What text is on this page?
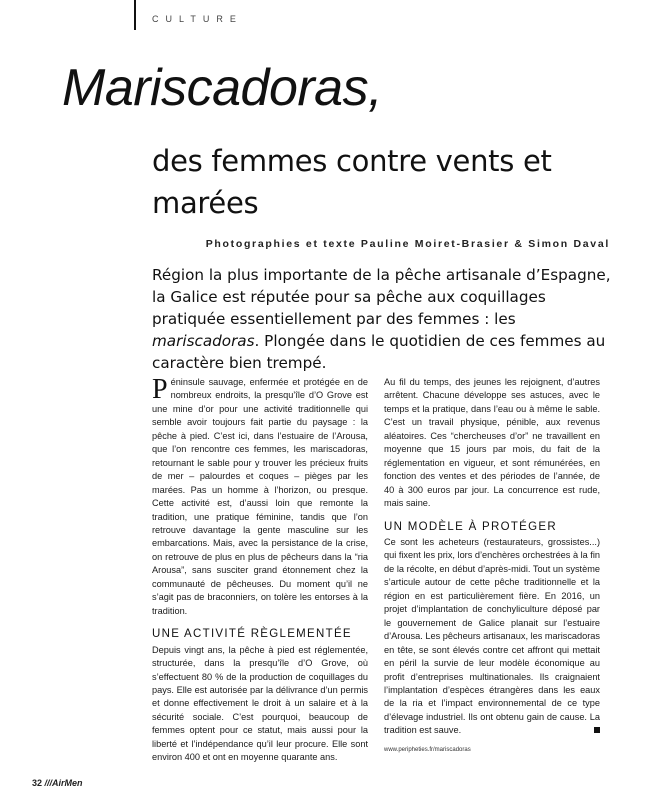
CULTURE
Mariscadoras,
des femmes contre vents et marées
Photographies et texte Pauline Moiret-Brasier & Simon Daval

Région la plus importante de la pêche artisanale d’Espagne, la Galice est réputée pour sa pêche aux coquillages pratiquée essentiellement par des femmes : les mariscadoras. Plongée dans le quotidien de ces femmes au caractère bien trempé.

Péninsule sauvage, enfermée et protégée en de nombreux endroits, la presqu’île d’O Grove est une mine d’or pour une activité traditionnelle qui semble avoir toujours fait partie du paysage : la pêche à pied. C’est ici, dans l’estuaire de l’Arousa, que l’on rencontre ces femmes, les mariscadoras, retournant le sable pour y trouver les précieux fruits de mer – palourdes et coques – pièges par les marées. Pas un homme à l’horizon, ou presque. Cette activité est, d’aussi loin que remonte la tradition, une pratique féminine, tandis que l’on retrouve davantage la gente masculine sur les embarcations. Mais, avec la persistance de la crise, on retrouve de plus en plus de pêcheurs dans la “ria Arousa”, sans susciter grand étonnement chez la communauté de pêcheuses. Du moment qu’il ne s’agit pas de braconniers, on tolère les entorses à la tradition.

UNE ACTIVITÉ RÈGLEMENTÉE

Depuis vingt ans, la pêche à pied est réglementée, structurée, dans la presqu’île d’O Grove, où s’effectuent 80 % de la production de coquillages du pays. Elle est autorisée par la délivrance d’un permis et donne effectivement le droit à un salaire et à la sécurité sociale. C’est pourquoi, beaucoup de femmes optent pour ce statut, mais aussi pour la liberté et l’indépendance qu’il leur procure. Elle sont environ 400 et ont en moyenne quarante ans.

Au fil du temps, des jeunes les rejoignent, d’autres arrêtent. Chacune développe ses astuces, avec le temps et la pratique, dans l’eau ou à même le sable. C’est un travail physique, pénible, aux revenus aléatoires. Ces “chercheuses d’or” ne travaillent en moyenne que 15 jours par mois, du fait de la réglementation en vigueur, et sont rémunérées, en fonction des ventes et des périodes de l’année, de 40 à 300 euros par jour. La concurrence est rude, mais saine.

UN MODÈLE À PROTÉGER

Ce sont les acheteurs (restaurateurs, grossistes...) qui fixent les prix, lors d’enchères orchestrées à la fin de la récolte, en début d’après-midi. Tout un système s’articule autour de cette pêche traditionnelle et la région en est particulièrement fière. En 2016, un projet d’implantation de conchyliculture déposé par le gouvernement de Galice planait sur l’estuaire d’Arousa. Les pêcheurs artisanaux, les mariscadoras en tête, se sont élevés contre cet affront qui mettait en péril la survie de leur modèle économique au profit d’entreprises multinationales. Ils craignaient l’implantation d’espèces étrangères dans les eaux de la ria et l’impact environnemental de ce type d’élevage industriel. Ils ont obtenu gain de cause. La tradition est sauve.

www.peripheties.fr/mariscadoras
32 ///AirMen
